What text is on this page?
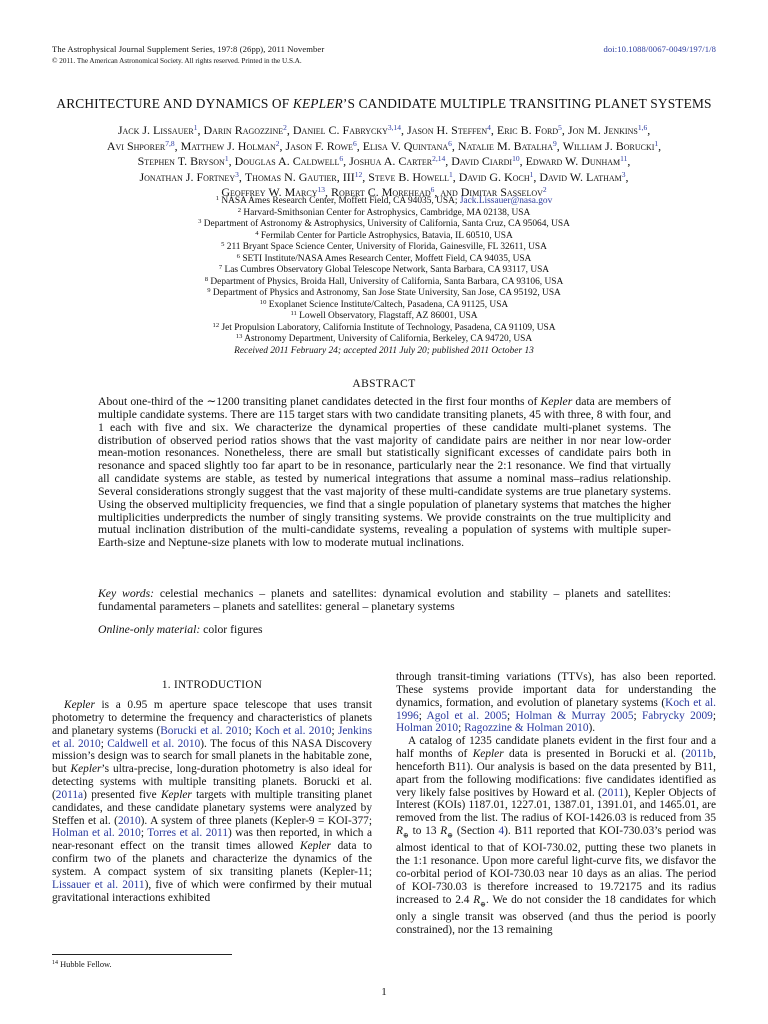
The Astrophysical Journal Supplement Series, 197:8 (26pp), 2011 November	doi:10.1088/0067-0049/197/1/8
© 2011. The American Astronomical Society. All rights reserved. Printed in the U.S.A.
ARCHITECTURE AND DYNAMICS OF KEPLER’S CANDIDATE MULTIPLE TRANSITING PLANET SYSTEMS
Jack J. Lissauer$^1$, Darin Ragozzine$^2$, Daniel C. Fabrycky$^{3,14}$, Jason H. Steffen$^4$, Eric B. Ford$^5$, Jon M. Jenkins$^{1,6}$,
Avi Shporer$^{7,8}$, Matthew J. Holman$^2$, Jason F. Rowe$^6$, Elisa V. Quintana$^6$, Natalie M. Batalha$^9$, William J. Borucki$^1$,
Stephen T. Bryson$^1$, Douglas A. Caldwell$^6$, Joshua A. Carter$^{2,14}$, David Ciardi$^{10}$, Edward W. Dunham$^{11}$,
Jonathan J. Fortney$^3$, Thomas N. Gautier, III$^{12}$, Steve B. Howell$^1$, David G. Koch$^1$, David W. Latham$^3$,
Geoffrey W. Marcy$^{13}$, Robert C. Morehead$^6$, and Dimitar Sasselov$^2$
$^1$ NASA Ames Research Center, Moffett Field, CA 94035, USA; Jack.Lissauer@nasa.gov
$^2$ Harvard-Smithsonian Center for Astrophysics, Cambridge, MA 02138, USA
$^3$ Department of Astronomy & Astrophysics, University of California, Santa Cruz, CA 95064, USA
$^4$ Fermilab Center for Particle Astrophysics, Batavia, IL 60510, USA
$^5$ 211 Bryant Space Science Center, University of Florida, Gainesville, FL 32611, USA
$^6$ SETI Institute/NASA Ames Research Center, Moffett Field, CA 94035, USA
$^7$ Las Cumbres Observatory Global Telescope Network, Santa Barbara, CA 93117, USA
$^8$ Department of Physics, Broida Hall, University of California, Santa Barbara, CA 93106, USA
$^9$ Department of Physics and Astronomy, San Jose State University, San Jose, CA 95192, USA
$^{10}$ Exoplanet Science Institute/Caltech, Pasadena, CA 91125, USA
$^{11}$ Lowell Observatory, Flagstaff, AZ 86001, USA
$^{12}$ Jet Propulsion Laboratory, California Institute of Technology, Pasadena, CA 91109, USA
$^{13}$ Astronomy Department, University of California, Berkeley, CA 94720, USA
Received 2011 February 24; accepted 2011 July 20; published 2011 October 13
ABSTRACT
About one-third of the ∼1200 transiting planet candidates detected in the first four months of Kepler data are members of multiple candidate systems. There are 115 target stars with two candidate transiting planets, 45 with three, 8 with four, and 1 each with five and six. We characterize the dynamical properties of these candidate multi-planet systems. The distribution of observed period ratios shows that the vast majority of candidate pairs are neither in nor near low-order mean-motion resonances. Nonetheless, there are small but statistically significant excesses of candidate pairs both in resonance and spaced slightly too far apart to be in resonance, particularly near the 2:1 resonance. We find that virtually all candidate systems are stable, as tested by numerical integrations that assume a nominal mass–radius relationship. Several considerations strongly suggest that the vast majority of these multi-candidate systems are true planetary systems. Using the observed multiplicity frequencies, we find that a single population of planetary systems that matches the higher multiplicities underpredicts the number of singly transiting systems. We provide constraints on the true multiplicity and mutual inclination distribution of the multi-candidate systems, revealing a population of systems with multiple super-Earth-size and Neptune-size planets with low to moderate mutual inclinations.
Key words: celestial mechanics – planets and satellites: dynamical evolution and stability – planets and satellites: fundamental parameters – planets and satellites: general – planetary systems
Online-only material: color figures
1. INTRODUCTION
Kepler is a 0.95 m aperture space telescope that uses transit photometry to determine the frequency and characteristics of planets and planetary systems (Borucki et al. 2010; Koch et al. 2010; Jenkins et al. 2010; Caldwell et al. 2010). The focus of this NASA Discovery mission’s design was to search for small planets in the habitable zone, but Kepler’s ultra-precise, long-duration photometry is also ideal for detecting systems with multiple transiting planets. Borucki et al. (2011a) presented five Kepler targets with multiple transiting planet candidates, and these candidate planetary systems were analyzed by Steffen et al. (2010). A system of three planets (Kepler-9 = KOI-377; Holman et al. 2010; Torres et al. 2011) was then reported, in which a near-resonant effect on the transit times allowed Kepler data to confirm two of the planets and characterize the dynamics of the system. A compact system of six transiting planets (Kepler-11; Lissauer et al. 2011), five of which were confirmed by their mutual gravitational interactions exhibited
through transit-timing variations (TTVs), has also been reported. These systems provide important data for understanding the dynamics, formation, and evolution of planetary systems (Koch et al. 1996; Agol et al. 2005; Holman & Murray 2005; Fabrycky 2009; Holman 2010; Ragozzine & Holman 2010).
A catalog of 1235 candidate planets evident in the first four and a half months of Kepler data is presented in Borucki et al. (2011b, henceforth B11). Our analysis is based on the data presented by B11, apart from the following modifications: five candidates identified as very likely false positives by Howard et al. (2011), Kepler Objects of Interest (KOIs) 1187.01, 1227.01, 1387.01, 1391.01, and 1465.01, are removed from the list. The radius of KOI-1426.03 is reduced from 35 $R_\oplus$ to 13 $R_\oplus$ (Section 4). B11 reported that KOI-730.03’s period was almost identical to that of KOI-730.02, putting these two planets in the 1:1 resonance. Upon more careful light-curve fits, we disfavor the co-orbital period of KOI-730.03 near 10 days as an alias. The period of KOI-730.03 is therefore increased to 19.72175 and its radius increased to 2.4 $R_\oplus$. We do not consider the 18 candidates for which only a single transit was observed (and thus the period is poorly constrained), nor the 13 remaining
$^{14}$ Hubble Fellow.
1
